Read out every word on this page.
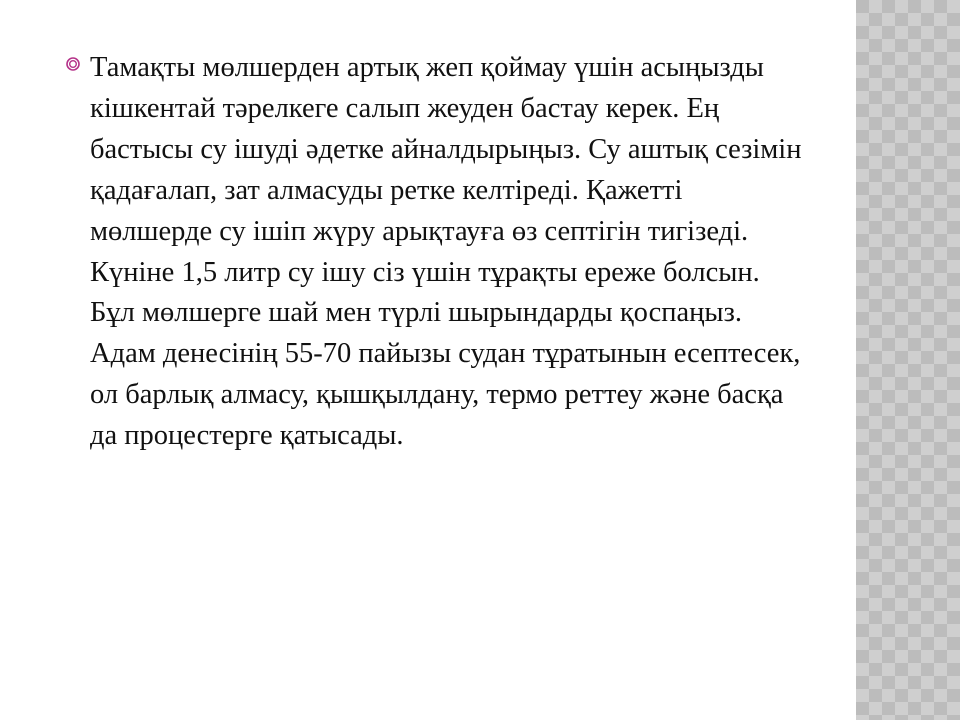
Тамақты мөлшерден артық жеп қоймау үшін асыңызды кішкентай тәрелкеге салып жеуден бастау керек. Ең бастысы су ішуді әдетке айналдырыңыз. Су аштық сезімін қадағалап, зат алмасуды ретке келтіреді. Қажетті мөлшерде су ішіп жүру арықтауға өз септігін тигізеді. Күніне 1,5 литр су ішу сіз үшін тұрақты ереже болсын. Бұл мөлшерге шай мен түрлі шырындарды қоспаңыз. Адам денесінің 55-70 пайызы судан тұратынын есептесек, ол барлық алмасу, қышқылдану, термо реттеу және басқа да процестерге қатысады.
